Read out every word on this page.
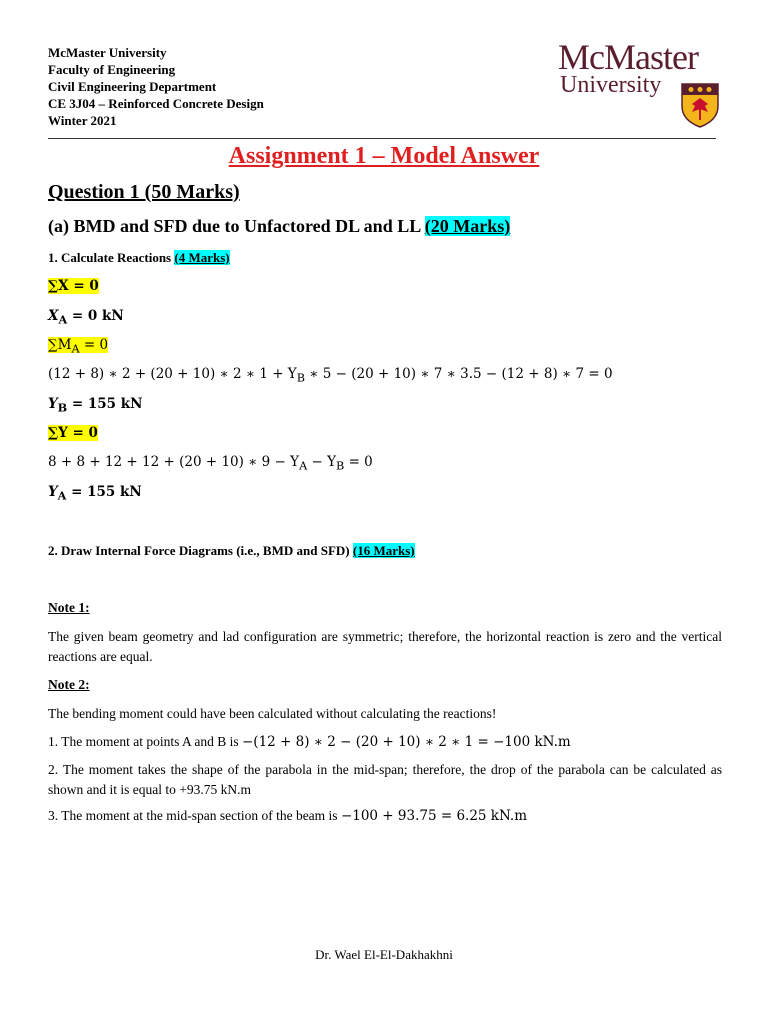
McMaster University
Faculty of Engineering
Civil Engineering Department
CE 3J04 – Reinforced Concrete Design
Winter 2021
McMaster
University
Assignment 1 – Model Answer
Question 1 (50 Marks)
(a) BMD and SFD due to Unfactored DL and LL (20 Marks)
1. Calculate Reactions (4 Marks)
∑X = 0
$X_A = 0$ kN
$\sum M_A = 0$
(12 + 8) ∗ 2 + (20 + 10) ∗ 2 ∗ $1 + Y_B$ ∗ 5 − (20 + 10) ∗ 7 ∗ 3.5 − (12 + 8) ∗ 7 = 0
$Y_B = 155$ kN
∑Y = 0
8 + 8 + 12 + 12 + (20 + 10) ∗ $9 - Y_A - Y_B = 0$
$Y_A = 155$ kN
2. Draw Internal Force Diagrams (i.e., BMD and SFD) (16 Marks)
Note 1:
The given beam geometry and lad configuration are symmetric; therefore, the horizontal reaction is zero and the vertical reactions are equal.
Note 2:
The bending moment could have been calculated without calculating the reactions!
1. The moment at points A and B is −(12 + 8) ∗ 2 − (20 + 10) ∗ 2 ∗ 1 = −100 kN.m
2. The moment takes the shape of the parabola in the mid-span; therefore, the drop of the parabola can be calculated as shown and it is equal to +93.75 kN.m
3. The moment at the mid-span section of the beam is −100 + 93.75 = 6.25 kN.m
Dr. Wael El-El-Dakhakhni
